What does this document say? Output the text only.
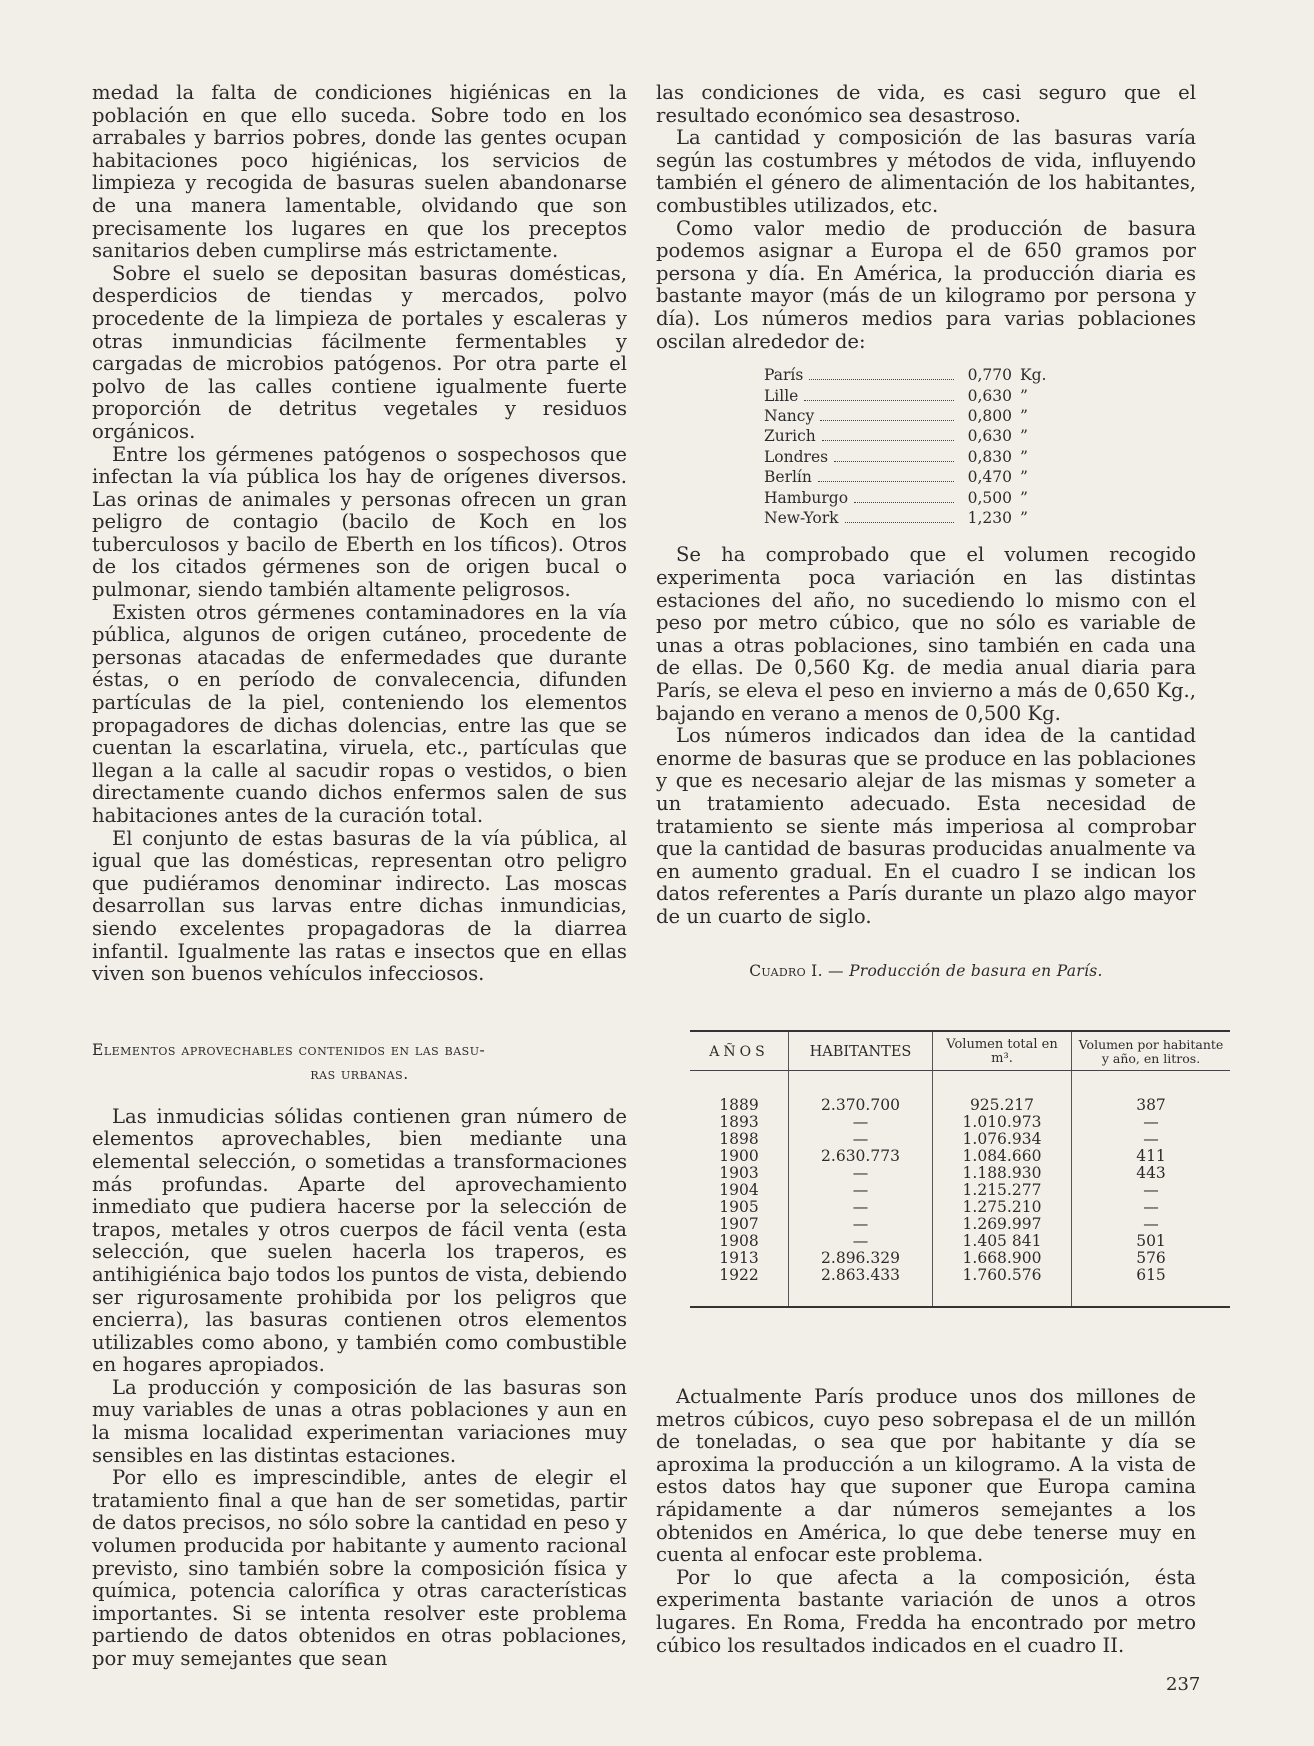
medad la falta de condiciones higiénicas en la población en que ello suceda. Sobre todo en los arrabales y barrios pobres, donde las gentes ocupan habitaciones poco higiénicas, los servicios de limpieza y recogida de basuras suelen abandonarse de una manera lamentable, olvidando que son precisamente los lugares en que los preceptos sanitarios deben cumplirse más estrictamente.

Sobre el suelo se depositan basuras domésticas, desperdicios de tiendas y mercados, polvo procedente de la limpieza de portales y escaleras y otras inmundicias fácilmente fermentables y cargadas de microbios patógenos. Por otra parte el polvo de las calles contiene igualmente fuerte proporción de detritus vegetales y residuos orgánicos.

Entre los gérmenes patógenos o sospechosos que infectan la vía pública los hay de orígenes diversos. Las orinas de animales y personas ofrecen un gran peligro de contagio (bacilo de Koch en los tuberculosos y bacilo de Eberth en los tíficos). Otros de los citados gérmenes son de origen bucal o pulmonar, siendo también altamente peligrosos.

Existen otros gérmenes contaminadores en la vía pública, algunos de origen cutáneo, procedente de personas atacadas de enfermedades que durante éstas, o en período de convalecencia, difunden partículas de la piel, conteniendo los elementos propagadores de dichas dolencias, entre las que se cuentan la escarlatina, viruela, etc., partículas que llegan a la calle al sacudir ropas o vestidos, o bien directamente cuando dichos enfermos salen de sus habitaciones antes de la curación total.

El conjunto de estas basuras de la vía pública, al igual que las domésticas, representan otro peligro que pudiéramos denominar indirecto. Las moscas desarrollan sus larvas entre dichas inmundicias, siendo excelentes propagadoras de la diarrea infantil. Igualmente las ratas e insectos que en ellas viven son buenos vehículos infecciosos.

Elementos aprovechables contenidos en las basu-
ras urbanas.

Las inmudicias sólidas contienen gran número de elementos aprovechables, bien mediante una elemental selección, o sometidas a transformaciones más profundas. Aparte del aprovechamiento inmediato que pudiera hacerse por la selección de trapos, metales y otros cuerpos de fácil venta (esta selección, que suelen hacerla los traperos, es antihigiénica bajo todos los puntos de vista, debiendo ser rigurosamente prohibida por los peligros que encierra), las basuras contienen otros elementos utilizables como abono, y también como combustible en hogares apropiados.

La producción y composición de las basuras son muy variables de unas a otras poblaciones y aun en la misma localidad experimentan variaciones muy sensibles en las distintas estaciones.

Por ello es imprescindible, antes de elegir el tratamiento final a que han de ser sometidas, partir de datos precisos, no sólo sobre la cantidad en peso y volumen producida por habitante y aumento racional previsto, sino también sobre la composición física y química, potencia calorífica y otras características importantes. Si se intenta resolver este problema partiendo de datos obtenidos en otras poblaciones, por muy semejantes que sean

las condiciones de vida, es casi seguro que el resultado económico sea desastroso.

La cantidad y composición de las basuras varía según las costumbres y métodos de vida, influyendo también el género de alimentación de los habitantes, combustibles utilizados, etc.

Como valor medio de producción de basura podemos asignar a Europa el de 650 gramos por persona y día. En América, la producción diaria es bastante mayor (más de un kilogramo por persona y día). Los números medios para varias poblaciones oscilan alrededor de:

París	0,770 Kg.
Lille	0,630 ”
Nancy	0,800 ”
Zurich	0,630 ”
Londres	0,830 ”
Berlín	0,470 ”
Hamburgo	0,500 ”
New-York	1,230 ”

Se ha comprobado que el volumen recogido experimenta poca variación en las distintas estaciones del año, no sucediendo lo mismo con el peso por metro cúbico, que no sólo es variable de unas a otras poblaciones, sino también en cada una de ellas. De 0,560 Kg. de media anual diaria para París, se eleva el peso en invierno a más de 0,650 Kg., bajando en verano a menos de 0,500 Kg.

Los números indicados dan idea de la cantidad enorme de basuras que se produce en las poblaciones y que es necesario alejar de las mismas y someter a un tratamiento adecuado. Esta necesidad de tratamiento se siente más imperiosa al comprobar que la cantidad de basuras producidas anualmente va en aumento gradual. En el cuadro I se indican los datos referentes a París durante un plazo algo mayor de un cuarto de siglo.

Cuadro I. — Producción de basura en París.
AÑOS	HABITANTES	Volumen total en m³.	Volumen por habitante y año, en litros.
1889	2.370.700	925.217	387
1893	—	1.010.973	—
1898	—	1.076.934	—
1900	2.630.773	1.084.660	411
1903	—	1.188.930	443
1904	—	1.215.277	—
1905	—	1.275.210	—
1907	—	1.269.997	—
1908	—	1.405 841	501
1913	2.896.329	1.668.900	576
1922	2.863.433	1.760.576	615

Actualmente París produce unos dos millones de metros cúbicos, cuyo peso sobrepasa el de un millón de toneladas, o sea que por habitante y día se aproxima la producción a un kilogramo. A la vista de estos datos hay que suponer que Europa camina rápidamente a dar números semejantes a los obtenidos en América, lo que debe tenerse muy en cuenta al enfocar este problema.

Por lo que afecta a la composición, ésta experimenta bastante variación de unos a otros lugares. En Roma, Fredda ha encontrado por metro cúbico los resultados indicados en el cuadro II.

237
